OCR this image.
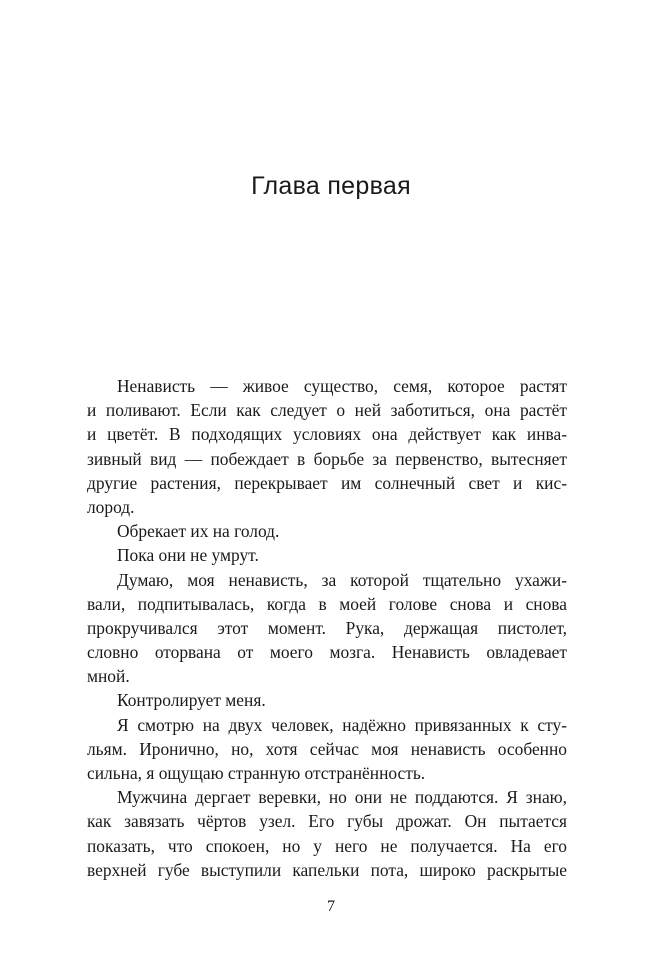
Глава первая
Ненависть — живое существо, семя, которое растят
и поливают. Если как следует о ней заботиться, она растёт
и цветёт. В подходящих условиях она действует как инва-
зивный вид — побеждает в борьбе за первенство, вытесняет
другие растения, перекрывает им солнечный свет и кис-
лород.
Обрекает их на голод.
Пока они не умрут.
Думаю, моя ненависть, за которой тщательно ухажи-
вали, подпитывалась, когда в моей голове снова и снова
прокручивался этот момент. Рука, держащая пистолет,
словно оторвана от моего мозга. Ненависть овладевает
мной.
Контролирует меня.
Я смотрю на двух человек, надёжно привязанных к сту-
льям. Иронично, но, хотя сейчас моя ненависть особенно
сильна, я ощущаю странную отстранённость.
Мужчина дергает веревки, но они не поддаются. Я знаю,
как завязать чёртов узел. Его губы дрожат. Он пытается
показать, что спокоен, но у него не получается. На его
верхней губе выступили капельки пота, широко раскрытые
7
